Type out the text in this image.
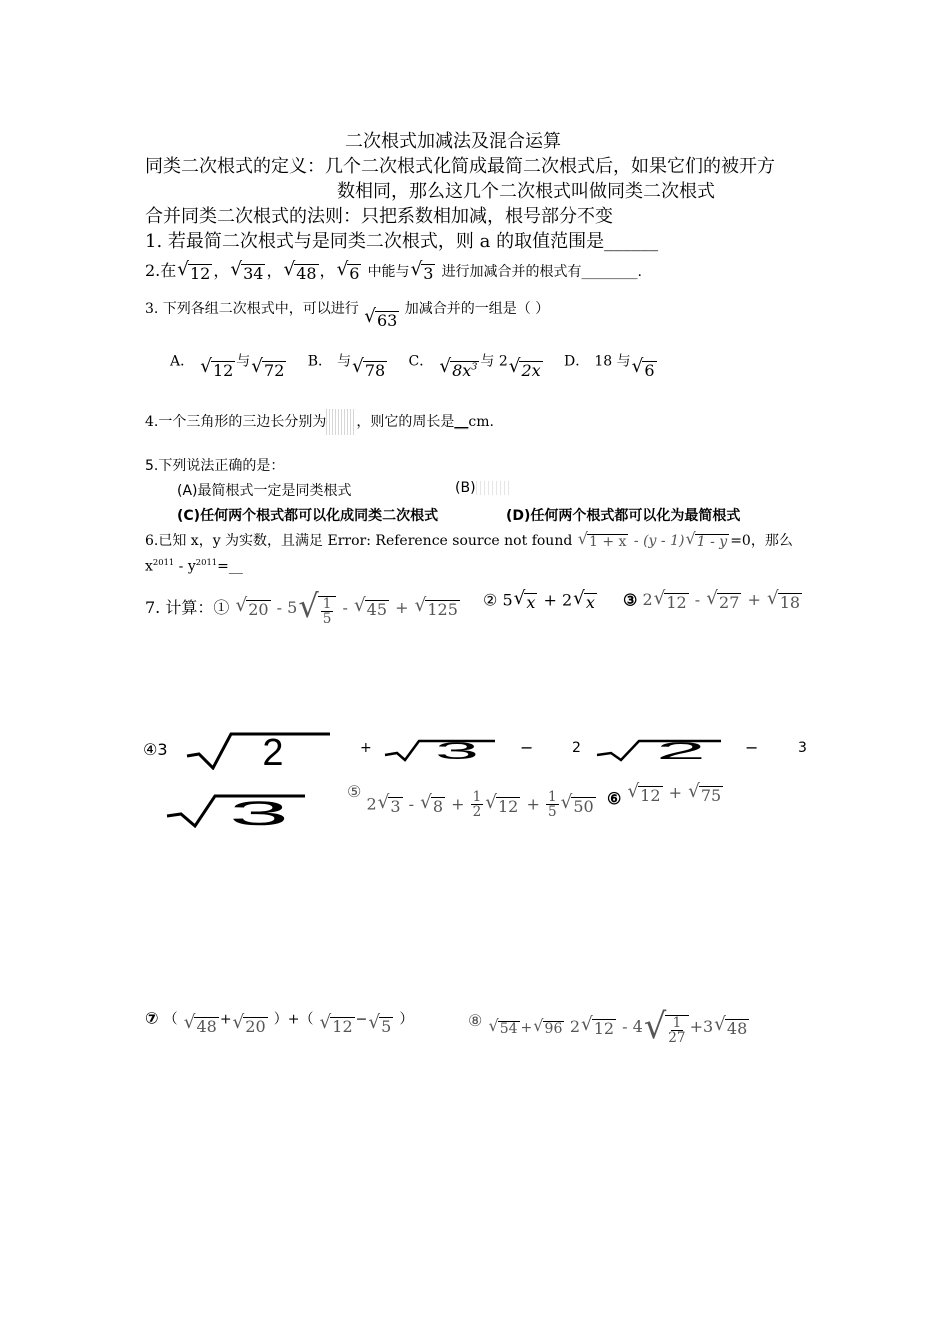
二次根式加减法及混合运算
同类二次根式的定义：几个二次根式化简成最简二次根式后，如果它们的被开方
数相同，那么这几个二次根式叫做同类二次根式
合并同类二次根式的法则：只把系数相加减，根号部分不变
1. 若最简二次根式与是同类二次根式，则 a 的取值范围是______
2.在 √ 12 ， √ 34 ， √ 48 ， √ 6 中能与 √ 3 进行加减合并的根式有________.
3. 下列各组二次根式中，可以进行 √ 63
加减合并的一组是（ ）
A． √ 12 与 √ 72 B． 与 √ 78 C． √ $8x^3$ 与 2 √ 2x D． 18 与 √ 6
4.一个三角形的三边长分别为 ，则它的周长是__cm.
5.下列说法正确的是：
(A)最简根式一定是同类根式	(B)
(C)任何两个根式都可以化成同类二次根式	(D)任何两个根式都可以化为最简根式
6.已知 x，y 为实数，且满足 Error: Reference source not found √ 1 + x - (y - 1) √ 1 - y =0，那么
$x^{2011}$ - $y^{2011}=\_\_$
7. 计算：① √ 20 - 5 √ $\frac{1}{5}$ - √ 45 + √ 125
② 5 √ x + 2 √ x ③ 2 √ 12 - √ 27 + √ 18
④3 2	+	3	−	2	2 −	3
3
⑤ 2 √ 3 - √ $8 + \frac{1}{2}$ √ $12 + \frac{1}{5}$ √ 50 ⑥ √ 12 + √ 75
⑦ （ √ 48 + √ 20 ）+（ √ 12 − √ 5 ）	⑧ √ 54 + √ 96 2 √ 12 - 4 √ $\frac{1}{27} +3$ √ 48
